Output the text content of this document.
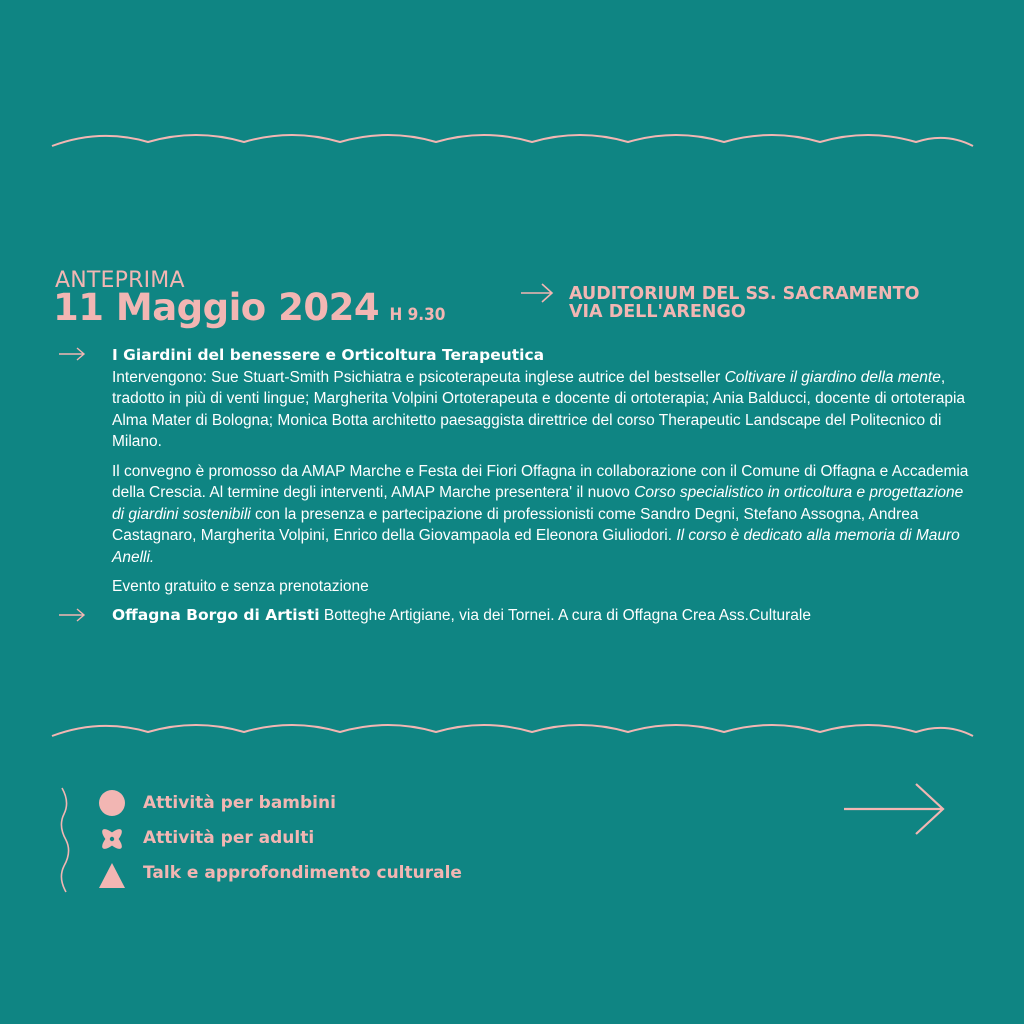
ANTEPRIMA
11 Maggio 2024 H 9.30
AUDITORIUM DEL SS. SACRAMENTO
VIA DELL'ARENGO
I Giardini del benessere e Orticoltura Terapeutica

Intervengono: Sue Stuart-Smith Psichiatra e psicoterapeuta inglese autrice del bestseller Coltivare il giardino della mente, tradotto in più di venti lingue; Margherita Volpini Ortoterapeuta e docente di ortoterapia; Ania Balducci, docente di ortoterapia Alma Mater di Bologna; Monica Botta architetto paesaggista direttrice del corso Therapeutic Landscape del Politecnico di Milano.

Il convegno è promosso da AMAP Marche e Festa dei Fiori Offagna in collaborazione con il Comune di Offagna e Accademia della Crescia. Al termine degli interventi, AMAP Marche presentera' il nuovo Corso specialistico in orticoltura e progettazione di giardini sostenibili con la presenza e partecipazione di professionisti come Sandro Degni, Stefano Assogna, Andrea Castagnaro, Margherita Volpini, Enrico della Giovampaola ed Eleonora Giuliodori. Il corso è dedicato alla memoria di Mauro Anelli.

Evento gratuito e senza prenotazione

Offagna Borgo di Artisti Botteghe Artigiane, via dei Tornei. A cura di Offagna Crea Ass.Culturale
Attività per bambini
Attività per adulti
Talk e approfondimento culturale
